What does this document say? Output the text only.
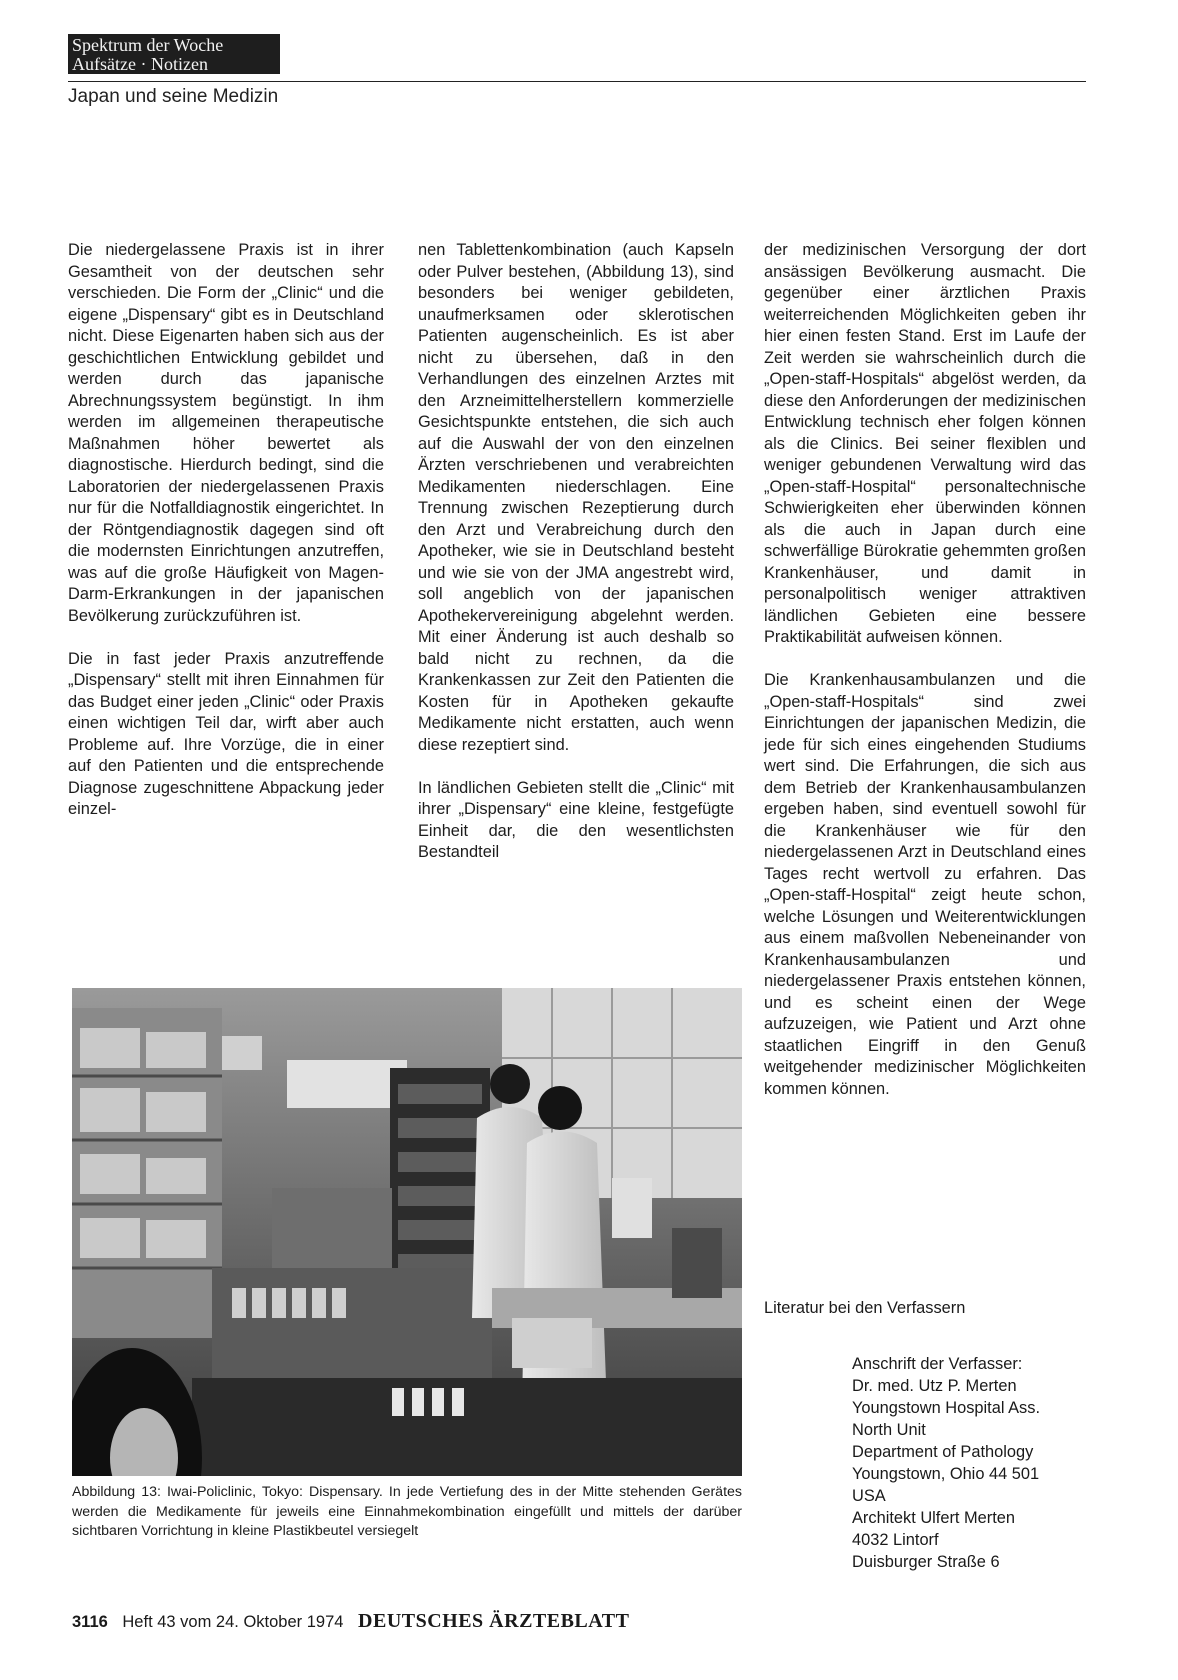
Spektrum der Woche
Aufsätze · Notizen
Japan und seine Medizin

Die niedergelassene Praxis ist in ihrer Gesamtheit von der deutschen sehr verschieden. Die Form der „Clinic“ und die eigene „Dispensary“ gibt es in Deutschland nicht. Diese Eigenarten haben sich aus der geschichtlichen Entwicklung gebildet und werden durch das japanische Abrechnungssystem begünstigt. In ihm werden im allgemeinen therapeutische Maßnahmen höher bewertet als diagnostische. Hierdurch bedingt, sind die Laboratorien der niedergelassenen Praxis nur für die Notfalldiagnostik eingerichtet. In der Röntgendiagnostik dagegen sind oft die modernsten Einrichtungen anzutreffen, was auf die große Häufigkeit von Magen-Darm-Erkrankungen in der japanischen Bevölkerung zurückzuführen ist.

Die in fast jeder Praxis anzutreffende „Dispensary“ stellt mit ihren Einnahmen für das Budget einer jeden „Clinic“ oder Praxis einen wichtigen Teil dar, wirft aber auch Probleme auf. Ihre Vorzüge, die in einer auf den Patienten und die entsprechende Diagnose zugeschnittene Abpackung jeder einzel-

nen Tablettenkombination (auch Kapseln oder Pulver bestehen, (Abbildung 13), sind besonders bei weniger gebildeten, unaufmerksamen oder sklerotischen Patienten augenscheinlich. Es ist aber nicht zu übersehen, daß in den Verhandlungen des einzelnen Arztes mit den Arzneimittelherstellern kommerzielle Gesichtspunkte entstehen, die sich auch auf die Auswahl der von den einzelnen Ärzten verschriebenen und verabreichten Medikamenten niederschlagen. Eine Trennung zwischen Rezeptierung durch den Arzt und Verabreichung durch den Apotheker, wie sie in Deutschland besteht und wie sie von der JMA angestrebt wird, soll angeblich von der japanischen Apothekervereinigung abgelehnt werden. Mit einer Änderung ist auch deshalb so bald nicht zu rechnen, da die Krankenkassen zur Zeit den Patienten die Kosten für in Apotheken gekaufte Medikamente nicht erstatten, auch wenn diese rezeptiert sind.

In ländlichen Gebieten stellt die „Clinic“ mit ihrer „Dispensary“ eine kleine, festgefügte Einheit dar, die den wesentlichsten Bestandteil

der medizinischen Versorgung der dort ansässigen Bevölkerung ausmacht. Die gegenüber einer ärztlichen Praxis weiterreichenden Möglichkeiten geben ihr hier einen festen Stand. Erst im Laufe der Zeit werden sie wahrscheinlich durch die „Open-staff-Hospitals“ abgelöst werden, da diese den Anforderungen der medizinischen Entwicklung technisch eher folgen können als die Clinics. Bei seiner flexiblen und weniger gebundenen Verwaltung wird das „Open-staff-Hospital“ personaltechnische Schwierigkeiten eher überwinden können als die auch in Japan durch eine schwerfällige Bürokratie gehemmten großen Krankenhäuser, und damit in personalpolitisch weniger attraktiven ländlichen Gebieten eine bessere Praktikabilität aufweisen können.

Die Krankenhausambulanzen und die „Open-staff-Hospitals“ sind zwei Einrichtungen der japanischen Medizin, die jede für sich eines eingehenden Studiums wert sind. Die Erfahrungen, die sich aus dem Betrieb der Krankenhausambulanzen ergeben haben, sind eventuell sowohl für die Krankenhäuser wie für den niedergelassenen Arzt in Deutschland eines Tages recht wertvoll zu erfahren. Das „Open-staff-Hospital“ zeigt heute schon, welche Lösungen und Weiterentwicklungen aus einem maßvollen Nebeneinander von Krankenhausambulanzen und niedergelassener Praxis entstehen können, und es scheint einen der Wege aufzuzeigen, wie Patient und Arzt ohne staatlichen Eingriff in den Genuß weitgehender medizinischer Möglichkeiten kommen können.

Abbildung 13: Iwai-Policlinic, Tokyo: Dispensary. In jede Vertiefung des in der Mitte stehenden Gerätes werden die Medikamente für jeweils eine Einnahmekombination eingefüllt und mittels der darüber sichtbaren Vorrichtung in kleine Plastikbeutel versiegelt
Literatur bei den Verfassern
Anschrift der Verfasser:
Dr. med. Utz P. Merten
Youngstown Hospital Ass.
North Unit
Department of Pathology
Youngstown, Ohio 44 501
USA
Architekt Ulfert Merten
4032 Lintorf
Duisburger Straße 6
3116 Heft 43 vom 24. Oktober 1974 DEUTSCHES ÄRZTEBLATT
